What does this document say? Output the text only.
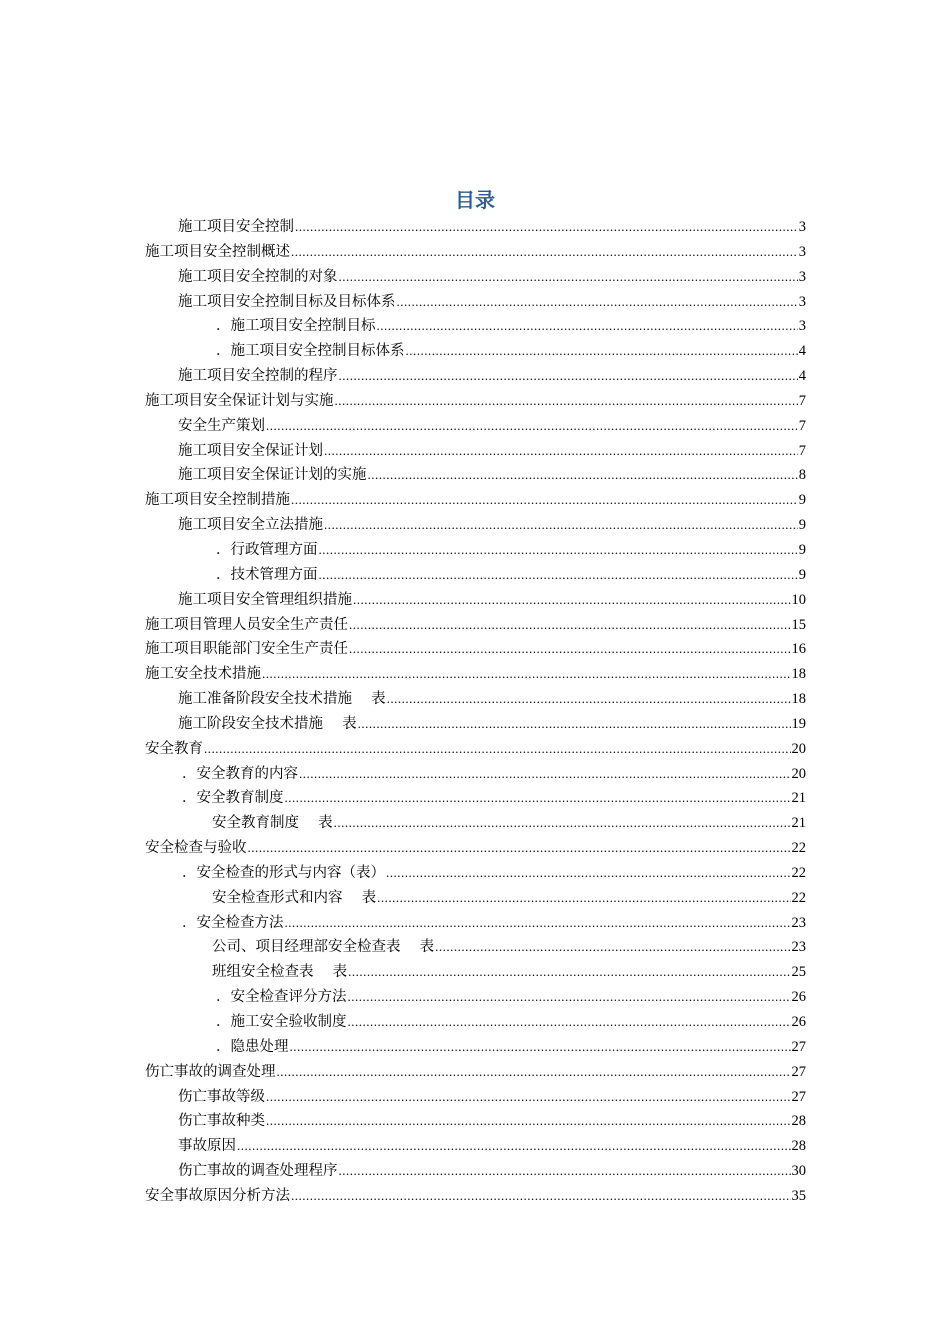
目录
施工项目安全控制 .....	3
施工项目安全控制概述 .....	3
施工项目安全控制的对象 .....	3
施工项目安全控制目标及目标体系 .....	3
．施工项目安全控制目标 .....	3
．施工项目安全控制目标体系 .....	4
施工项目安全控制的程序 .....	4
施工项目安全保证计划与实施 .....	7
安全生产策划 .....	7
施工项目安全保证计划 .....	7
施工项目安全保证计划的实施 .....	8
施工项目安全控制措施 .....	9
施工项目安全立法措施 .....	9
．行政管理方面 .....	9
．技术管理方面 .....	9
施工项目安全管理组织措施 .....	10
施工项目管理人员安全生产责任 .....	15
施工项目职能部门安全生产责任 .....	16
施工安全技术措施 .....	18
施工准备阶段安全技术措施　 表 .....	18
施工阶段安全技术措施　 表 .....	19
安全教育 .....	20
．安全教育的内容 .....	20
．安全教育制度 .....	21
安全教育制度　 表 .....	21
安全检查与验收 .....	22
．安全检查的形式与内容（表） .....	22
安全检查形式和内容　 表 .....	22
．安全检查方法 .....	23
公司、项目经理部安全检查表　 表 .....	23
班组安全检查表　 表 .....	25
．安全检查评分方法 .....	26
．施工安全验收制度 .....	26
．隐患处理 .....	27
伤亡事故的调查处理 .....	27
伤亡事故等级 .....	27
伤亡事故种类 .....	28
事故原因 .....	28
伤亡事故的调查处理程序 .....	30
安全事故原因分析方法 .....	35
